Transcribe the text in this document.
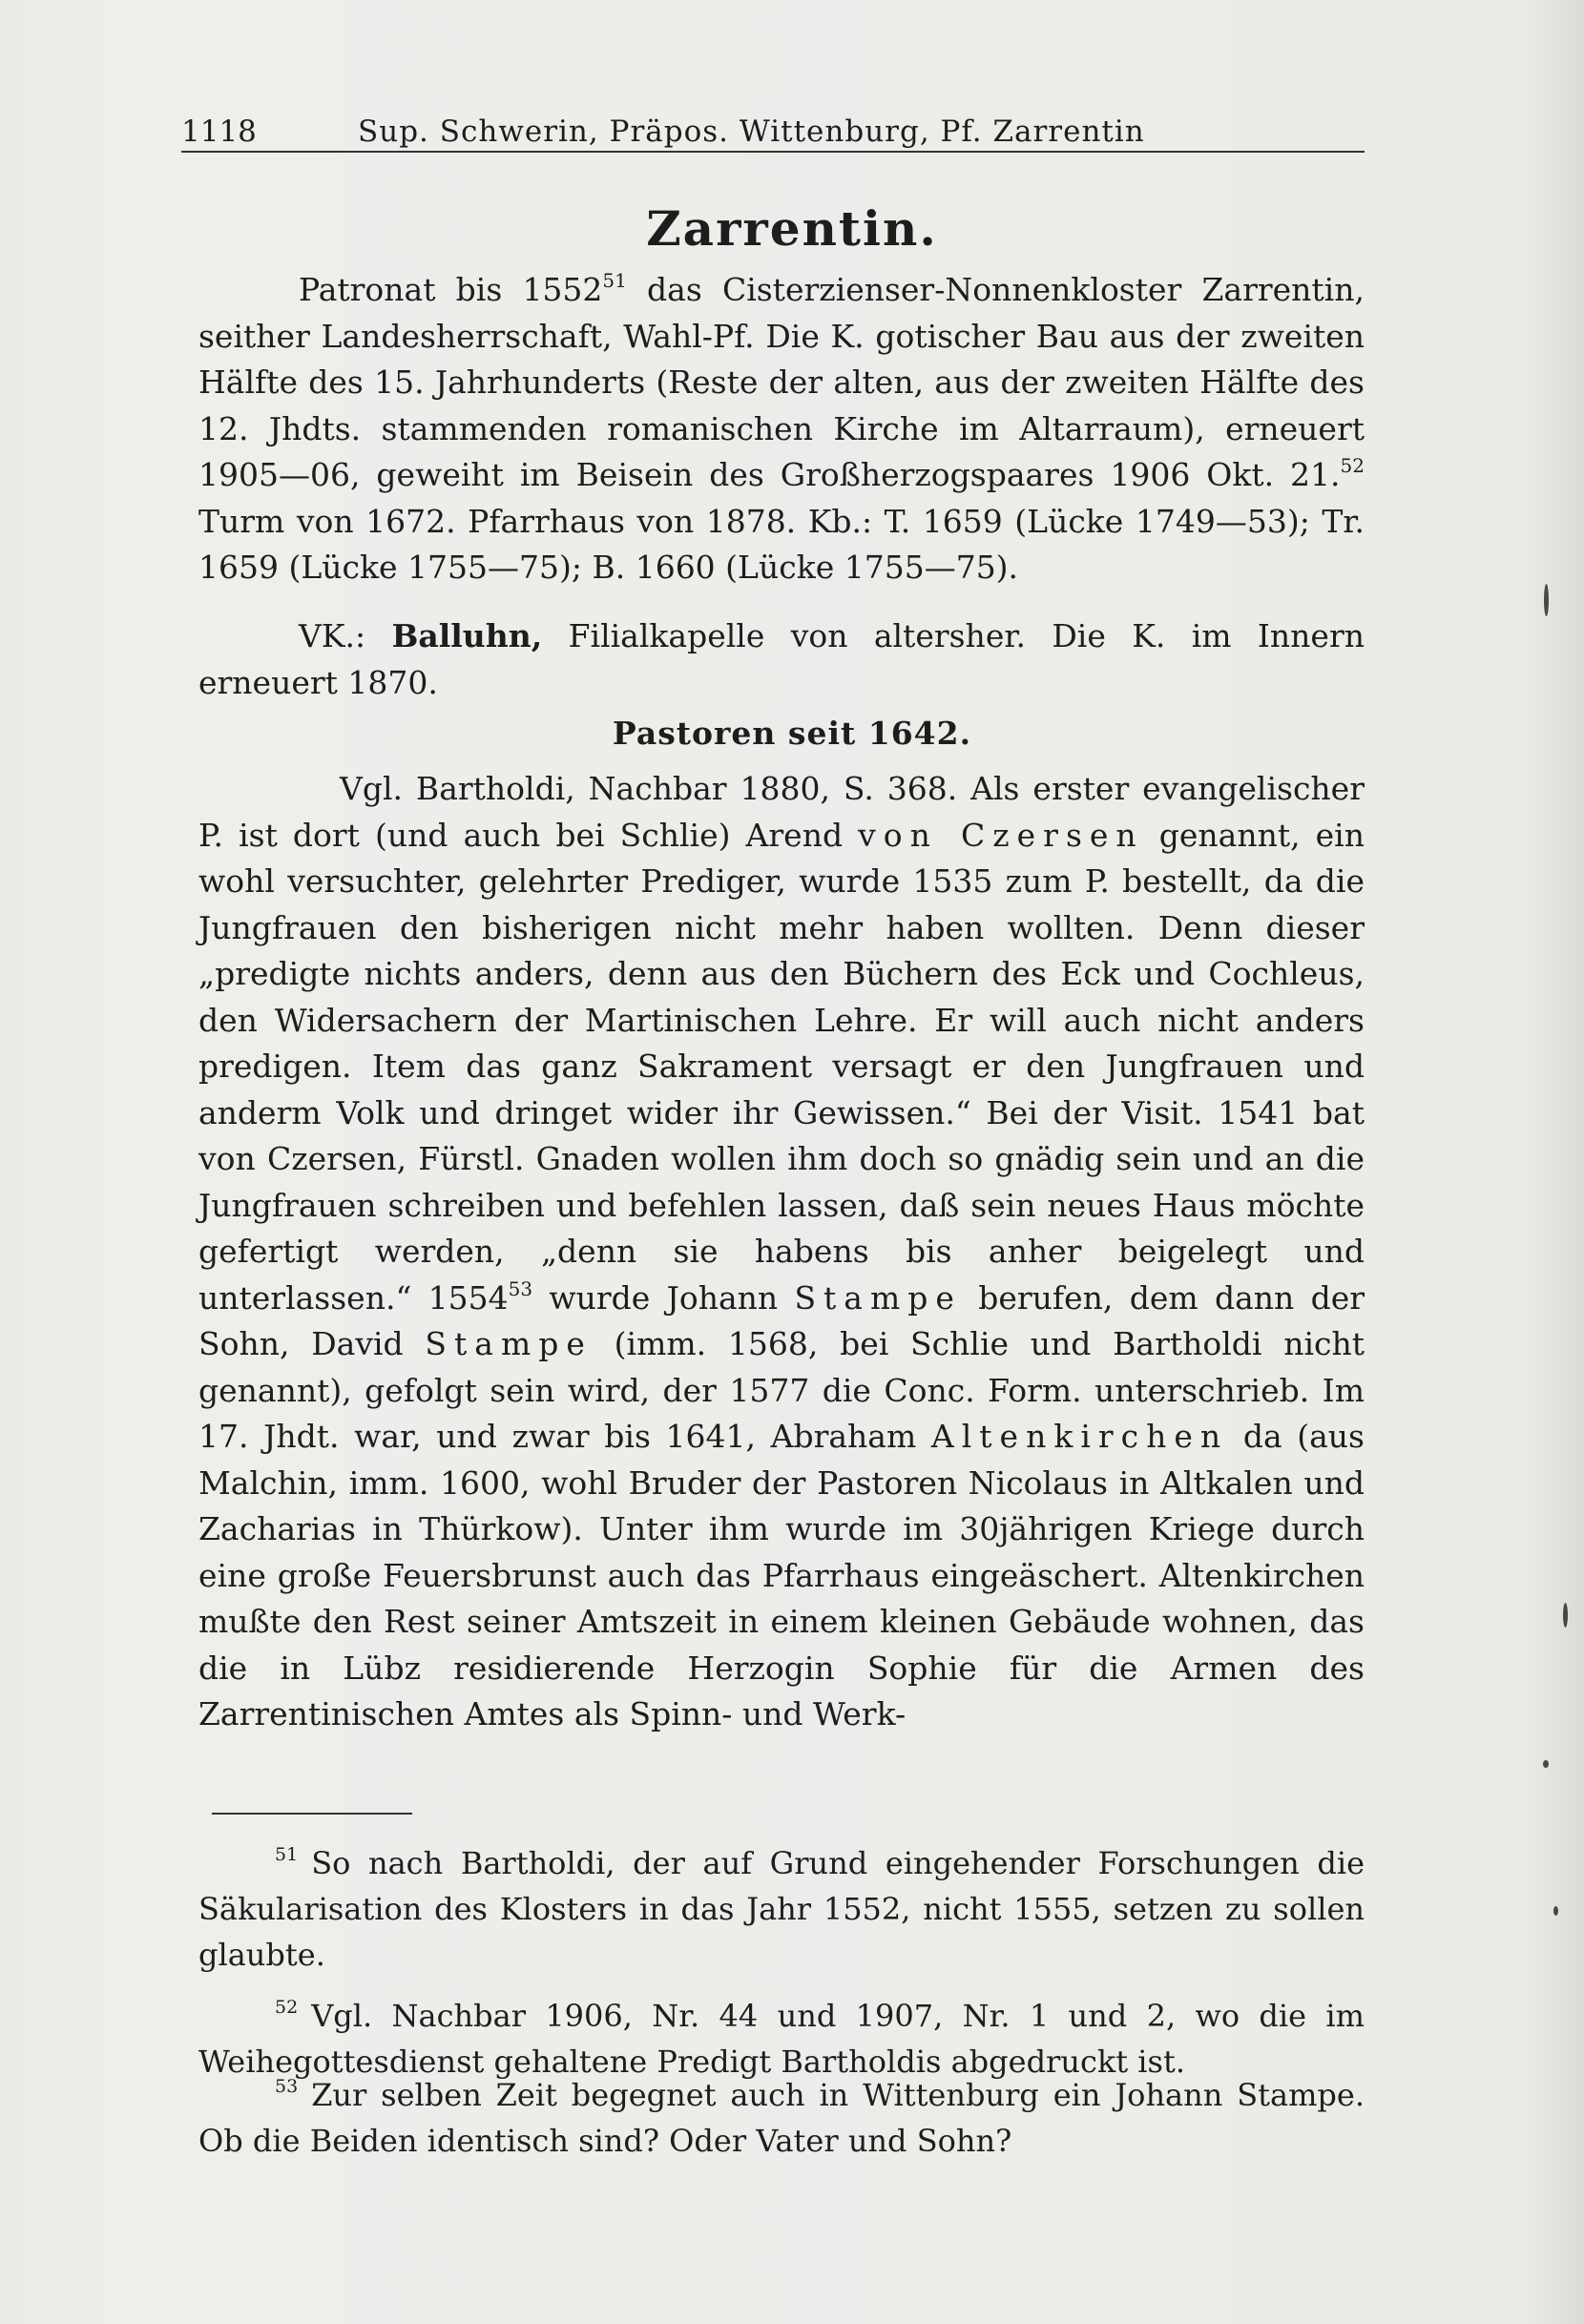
1118	Sup. Schwerin, Präpos. Wittenburg, Pf. Zarrentin
Zarrentin.
Patronat bis 1552$^{51}$ das Cisterzienser-Nonnenkloster Zarrentin, seither Landesherrschaft, Wahl-Pf. Die K. gotischer Bau aus der zweiten Hälfte des 15. Jahrhunderts (Reste der alten, aus der zweiten Hälfte des 12. Jhdts. stammenden romanischen Kirche im Altarraum), erneuert 1905—06, geweiht im Beisein des Großherzogspaares 1906 Okt. 21.52 Turm von 1672. Pfarrhaus von 1878. Kb.: T. 1659 (Lücke 1749—53); Tr. 1659 (Lücke 1755—75); B. 1660 (Lücke 1755—75).
VK.: Balluhn, Filialkapelle von altersher. Die K. im Innern erneuert 1870.
Pastoren seit 1642.
Vgl. Bartholdi, Nachbar 1880, S. 368. Als erster evangelischer P. ist dort (und auch bei Schlie) Arend von Czersen genannt, ein wohl versuchter, gelehrter Prediger, wurde 1535 zum P. bestellt, da die Jungfrauen den bisherigen nicht mehr haben wollten. Denn dieser „predigte nichts anders, denn aus den Büchern des Eck und Cochleus, den Widersachern der Martinischen Lehre. Er will auch nicht anders predigen. Item das ganz Sakrament versagt er den Jungfrauen und anderm Volk und dringet wider ihr Gewissen.“ Bei der Visit. 1541 bat von Czersen, Fürstl. Gnaden wollen ihm doch so gnädig sein und an die Jungfrauen schreiben und befehlen lassen, daß sein neues Haus möchte gefertigt werden, „denn sie habens bis anher beigelegt und unterlassen.“ 1554$^{53}$ wurde Johann Stampe berufen, dem dann der Sohn, David Stampe (imm. 1568, bei Schlie und Bartholdi nicht genannt), gefolgt sein wird, der 1577 die Conc. Form. unterschrieb. Im 17. Jhdt. war, und zwar bis 1641, Abraham Altenkirchen da (aus Malchin, imm. 1600, wohl Bruder der Pastoren Nicolaus in Altkalen und Zacharias in Thürkow). Unter ihm wurde im 30jährigen Kriege durch eine große Feuersbrunst auch das Pfarrhaus eingeäschert. Altenkirchen mußte den Rest seiner Amtszeit in einem kleinen Gebäude wohnen, das die in Lübz residierende Herzogin Sophie für die Armen des Zarrentinischen Amtes als Spinn- und Werk-
$^{51}$ So nach Bartholdi, der auf Grund eingehender Forschungen die Säkularisation des Klosters in das Jahr 1552, nicht 1555, setzen zu sollen glaubte.
$^{52}$ Vgl. Nachbar 1906, Nr. 44 und 1907, Nr. 1 und 2, wo die im Weihegottesdienst gehaltene Predigt Bartholdis abgedruckt ist.
$^{53}$ Zur selben Zeit begegnet auch in Wittenburg ein Johann Stampe. Ob die Beiden identisch sind? Oder Vater und Sohn?
